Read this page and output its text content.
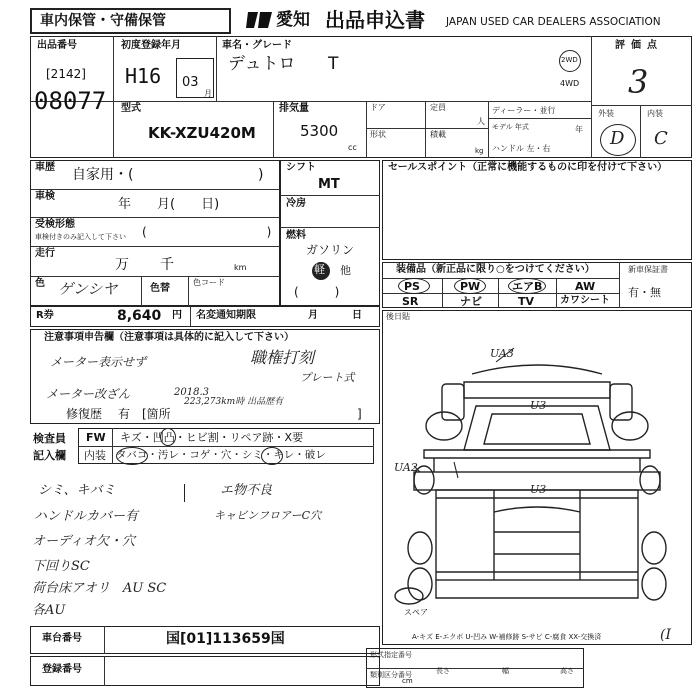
車内保管・守備保管	愛知 出品申込書 JAPAN USED CAR DEALERS ASSOCIATION
出品番号
[2142]
08077
初度登録年月
H16 03
月
車名・グレード
デュトロ T	2WD
4WD
評価点
3
型式
KK-XZU420M
排気量
5300
cc
ドア
形状
定員
人
積載
kg
ディーラー・並行
モデル 年式	年
ハンドル 左・右
外装	内装
D C
車歴 自家用・(	)
車検
年　　月(　　日)
受検形態
車検付きのみ記入して下さい (　　　　　　　　　　)
走行
万 千	km
色 ゲンシヤ	色替
色コード
シフト
MT
冷房
燃料
ガソリン
軽 他
(　　　)
R券	8,640 円 名変通知期限	月	日
セールスポイント（正常に機能するものに印を付けて下さい）
装備品（新正品に限り○をつけてください）
PS	PW	エアB	AW
SR	ナビ	TV	カワシート
新車保証書
有・無
後日貼
注意事項申告欄（注意事項は具体的に記入して下さい）
メーター表示せず	職権打刻
プレート式
メーター改ざん	2018.3
223,273km時 出品歴有
修復歴 有　[箇所	]
検査員
記入欄
FW キズ・凹凸・ヒビ割・リペア跡・X要
内装 タバコ・汚レ・コゲ・穴・シミ・キレ・破レ
シミ、キバミ
ハンドルカバー有
オーディオ欠・穴
下回りSC
荷台床アオリ　AU SC
各AU
エ物不良
キャビンフロアーC穴
UA3
U3
UA2
U3
スペア
A-キズ E-エクボ U-凹み W-補修跡 S-サビ C-腐食 XX-交換済
車台番号	国[01]113659国
登録番号
形式指定番号
類別区分番号	長さ	幅	高さ
cm
(I
